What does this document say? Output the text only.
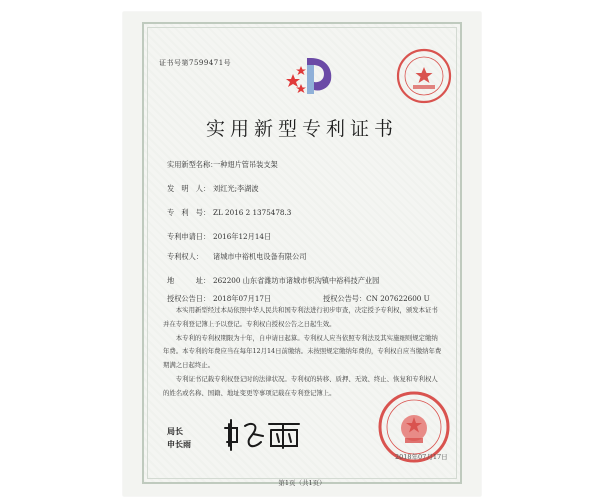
证书号第7599471号
实用新型专利证书
实用新型名称：
一种翅片管吊装支架
发　明　人： 刘红光;李湖波
专　利　号： ZL 2016 2 1375478.3
专利申请日： 2016年12月14日
专利权人： 诸城市中裕机电设备有限公司
地　　　址： 262200 山东省潍坊市诸城市枳沟镇中裕科技产业园
授权公告日： 2018年07月17日	授权公告号：CN 207622600 U

本实用新型经过本局依照中华人民共和国专利法进行初步审查，决定授予专利权，颁发本证书并在专利登记簿上予以登记。专利权自授权公告之日起生效。

本专利的专利权期限为十年，自申请日起算。专利权人应当依照专利法及其实施细则规定缴纳年费。本专利的年费应当在每年12月14日前缴纳。未按照规定缴纳年费的，专利权自应当缴纳年费期满之日起终止。

专利证书记载专利权登记时的法律状况。专利权的转移、质押、无效、终止、恢复和专利权人的姓名或名称、国籍、地址变更等事项记载在专利登记簿上。

2018年07月17日
局长
申长雨
第1页（共1页）
